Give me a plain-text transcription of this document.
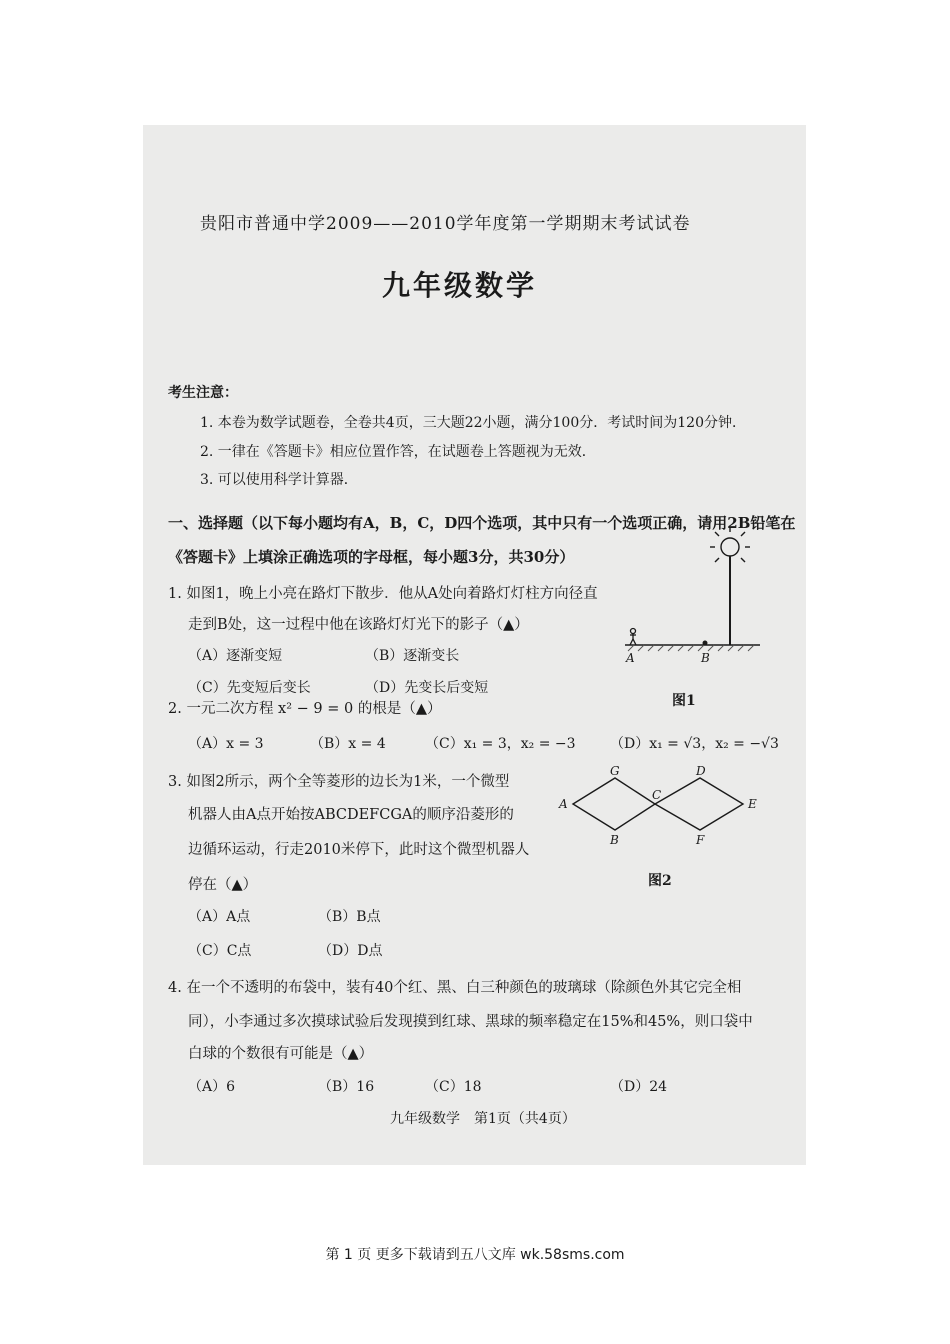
贵阳市普通中学2009——2010学年度第一学期期末考试试卷
九年级数学
考生注意：
1. 本卷为数学试题卷，全卷共4页，三大题22小题，满分100分．考试时间为120分钟．
2. 一律在《答题卡》相应位置作答，在试题卷上答题视为无效．
3. 可以使用科学计算器．
一、选择题（以下每小题均有A，B，C，D四个选项，其中只有一个选项正确，请用2B铅笔在
《答题卡》上填涂正确选项的字母框，每小题3分，共30分）
1. 如图1，晚上小亮在路灯下散步．他从A处向着路灯灯柱方向径直
走到B处，这一过程中他在该路灯灯光下的影子（▲）
（A）逐渐变短	（B）逐渐变长
（C）先变短后变长	（D）先变长后变短
A	B
图1
2. 一元二次方程 x² − 9 = 0 的根是（▲）
（A）x = 3	（B）x = 4	（C）x₁ = 3，x₂ = −3 （D）x₁ = √3，x₂ = −√3
3. 如图2所示，两个全等菱形的边长为1米，一个微型
机器人由A点开始按ABCDEFCGA的顺序沿菱形的
边循环运动，行走2010米停下，此时这个微型机器人
停在（▲）
（A）A点	（B）B点
（C）C点	（D）D点
G	D
A
C
E
B	F
图2
4. 在一个不透明的布袋中，装有40个红、黑、白三种颜色的玻璃球（除颜色外其它完全相
同），小李通过多次摸球试验后发现摸到红球、黑球的频率稳定在15%和45%，则口袋中
白球的个数很有可能是（▲）
（A）6	（B）16	（C）18	（D）24
九年级数学　第1页（共4页）
第 1 页 更多下载请到五八文库 wk.58sms.com
